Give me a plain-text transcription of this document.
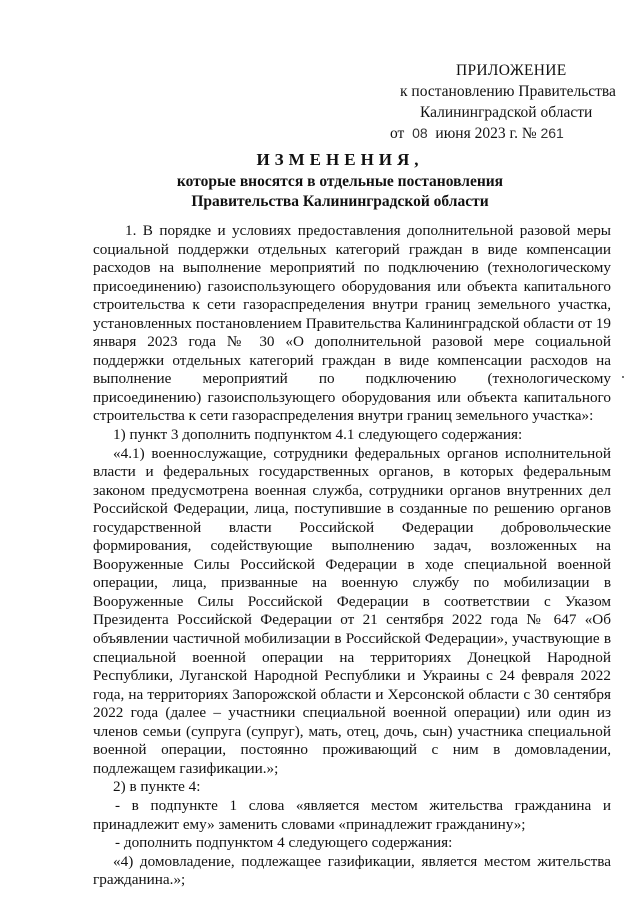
ПРИЛОЖЕНИЕ
к постановлению Правительства
Калининградской области
от 08 июня 2023 г. № 261
ИЗМЕНЕНИЯ,
которые вносятся в отдельные постановления
Правительства Калининградской области

1. В порядке и условиях предоставления дополнительной разовой меры социальной поддержки отдельных категорий граждан в виде компенсации расходов на выполнение мероприятий по подключению (технологическому присоединению) газоиспользующего оборудования или объекта капитального строительства к сети газораспределения внутри границ земельного участка, установленных постановлением Правительства Калининградской области от 19 января 2023 года № 30 «О дополнительной разовой мере социальной поддержки отдельных категорий граждан в виде компенсации расходов на выполнение мероприятий по подключению (технологическому присоединению) газоиспользующего оборудования или объекта капитального строительства к сети газораспределения внутри границ земельного участка»:

1) пункт 3 дополнить подпунктом 4.1 следующего содержания:

«4.1) военнослужащие, сотрудники федеральных органов исполнительной власти и федеральных государственных органов, в которых федеральным законом предусмотрена военная служба, сотрудники органов внутренних дел Российской Федерации, лица, поступившие в созданные по решению органов государственной власти Российской Федерации добровольческие формирования, содействующие выполнению задач, возложенных на Вооруженные Силы Российской Федерации в ходе специальной военной операции, лица, призванные на военную службу по мобилизации в Вооруженные Силы Российской Федерации в соответствии с Указом Президента Российской Федерации от 21 сентября 2022 года № 647 «Об объявлении частичной мобилизации в Российской Федерации», участвующие в специальной военной операции на территориях Донецкой Народной Республики, Луганской Народной Республики и Украины с 24 февраля 2022 года, на территориях Запорожской области и Херсонской области с 30 сентября 2022 года (далее – участники специальной военной операции) или один из членов семьи (супруга (супруг), мать, отец, дочь, сын) участника специальной военной операции, постоянно проживающий с ним в домовладении, подлежащем газификации.»;

2) в пункте 4:

- в подпункте 1 слова «является местом жительства гражданина и принадлежит ему» заменить словами «принадлежит гражданину»;

- дополнить подпунктом 4 следующего содержания:

«4) домовладение, подлежащее газификации, является местом жительства гражданина.»;
